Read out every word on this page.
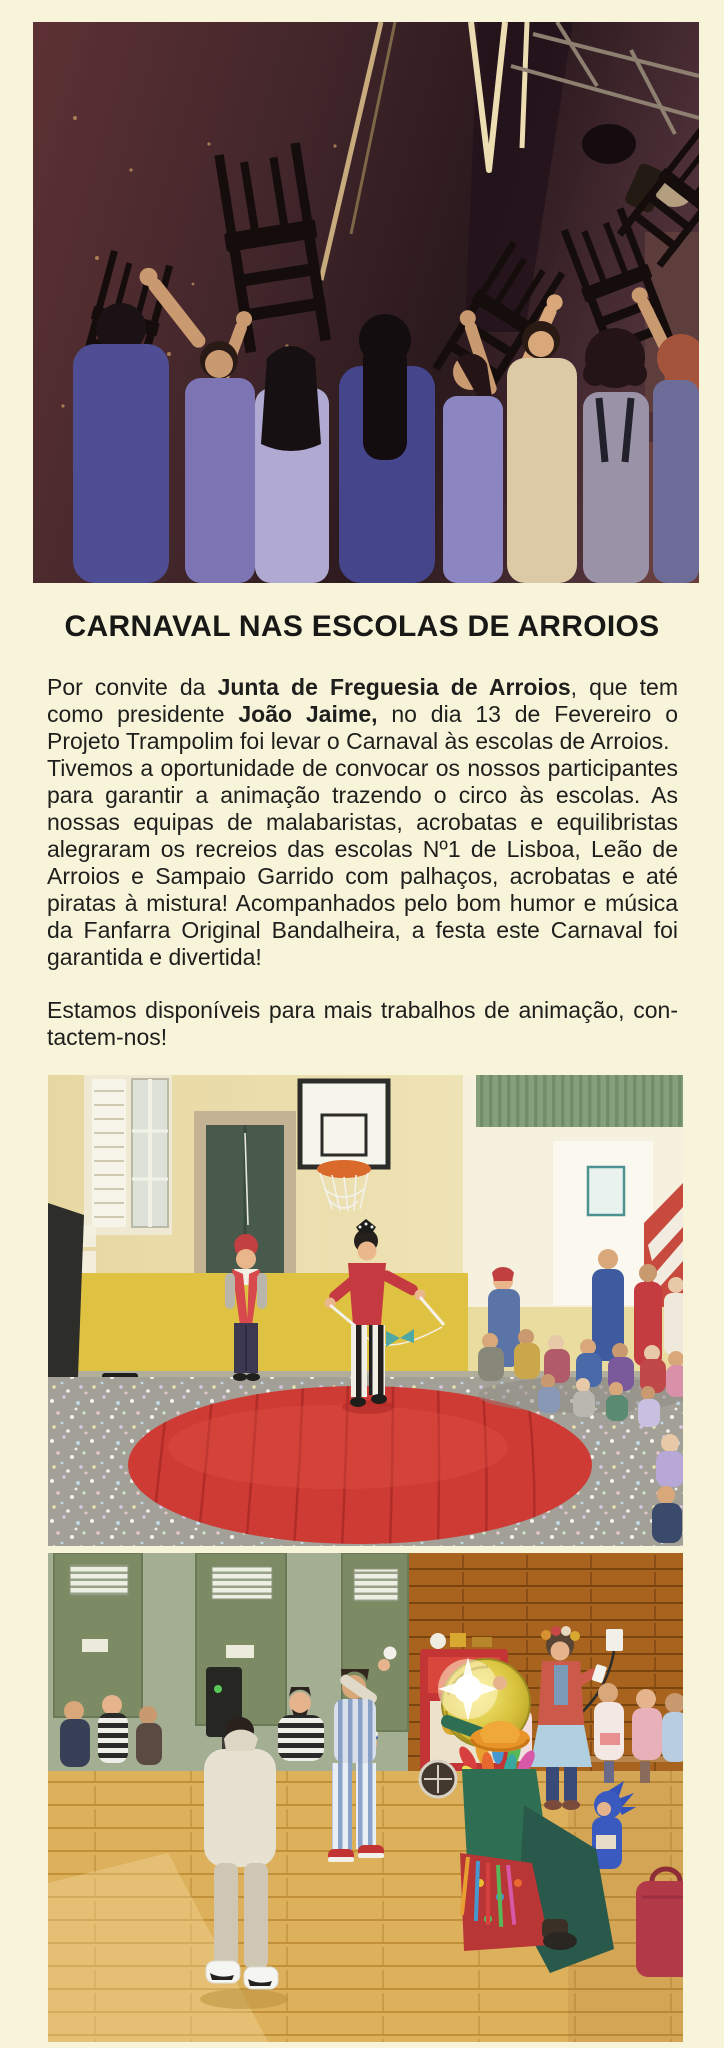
CARNAVAL NAS ESCOLAS DE ARROIOS

Por convite da Junta de Freguesia de Arroios, que tem como presidente João Jaime, no dia 13 de Fevereiro o Projeto Trampolim foi levar o Carnaval às escolas de Arroios.
Tivemos a oportunidade de convocar os nossos participantes para garantir a animação trazendo o circo às escolas. As nossas equipas de malabaristas, acrobatas e equilibristas alegraram os recreios das escolas Nº1 de Lisboa, Leão de Arroios e Sampaio Garrido com palhaços, acrobatas e até piratas à mistura! Acompanhados pelo bom humor e música da Fanfarra Original Bandalheira, a festa este Carnaval foi garantida e divertida!

Estamos disponíveis para mais trabalhos de animação, contactem-nos!
